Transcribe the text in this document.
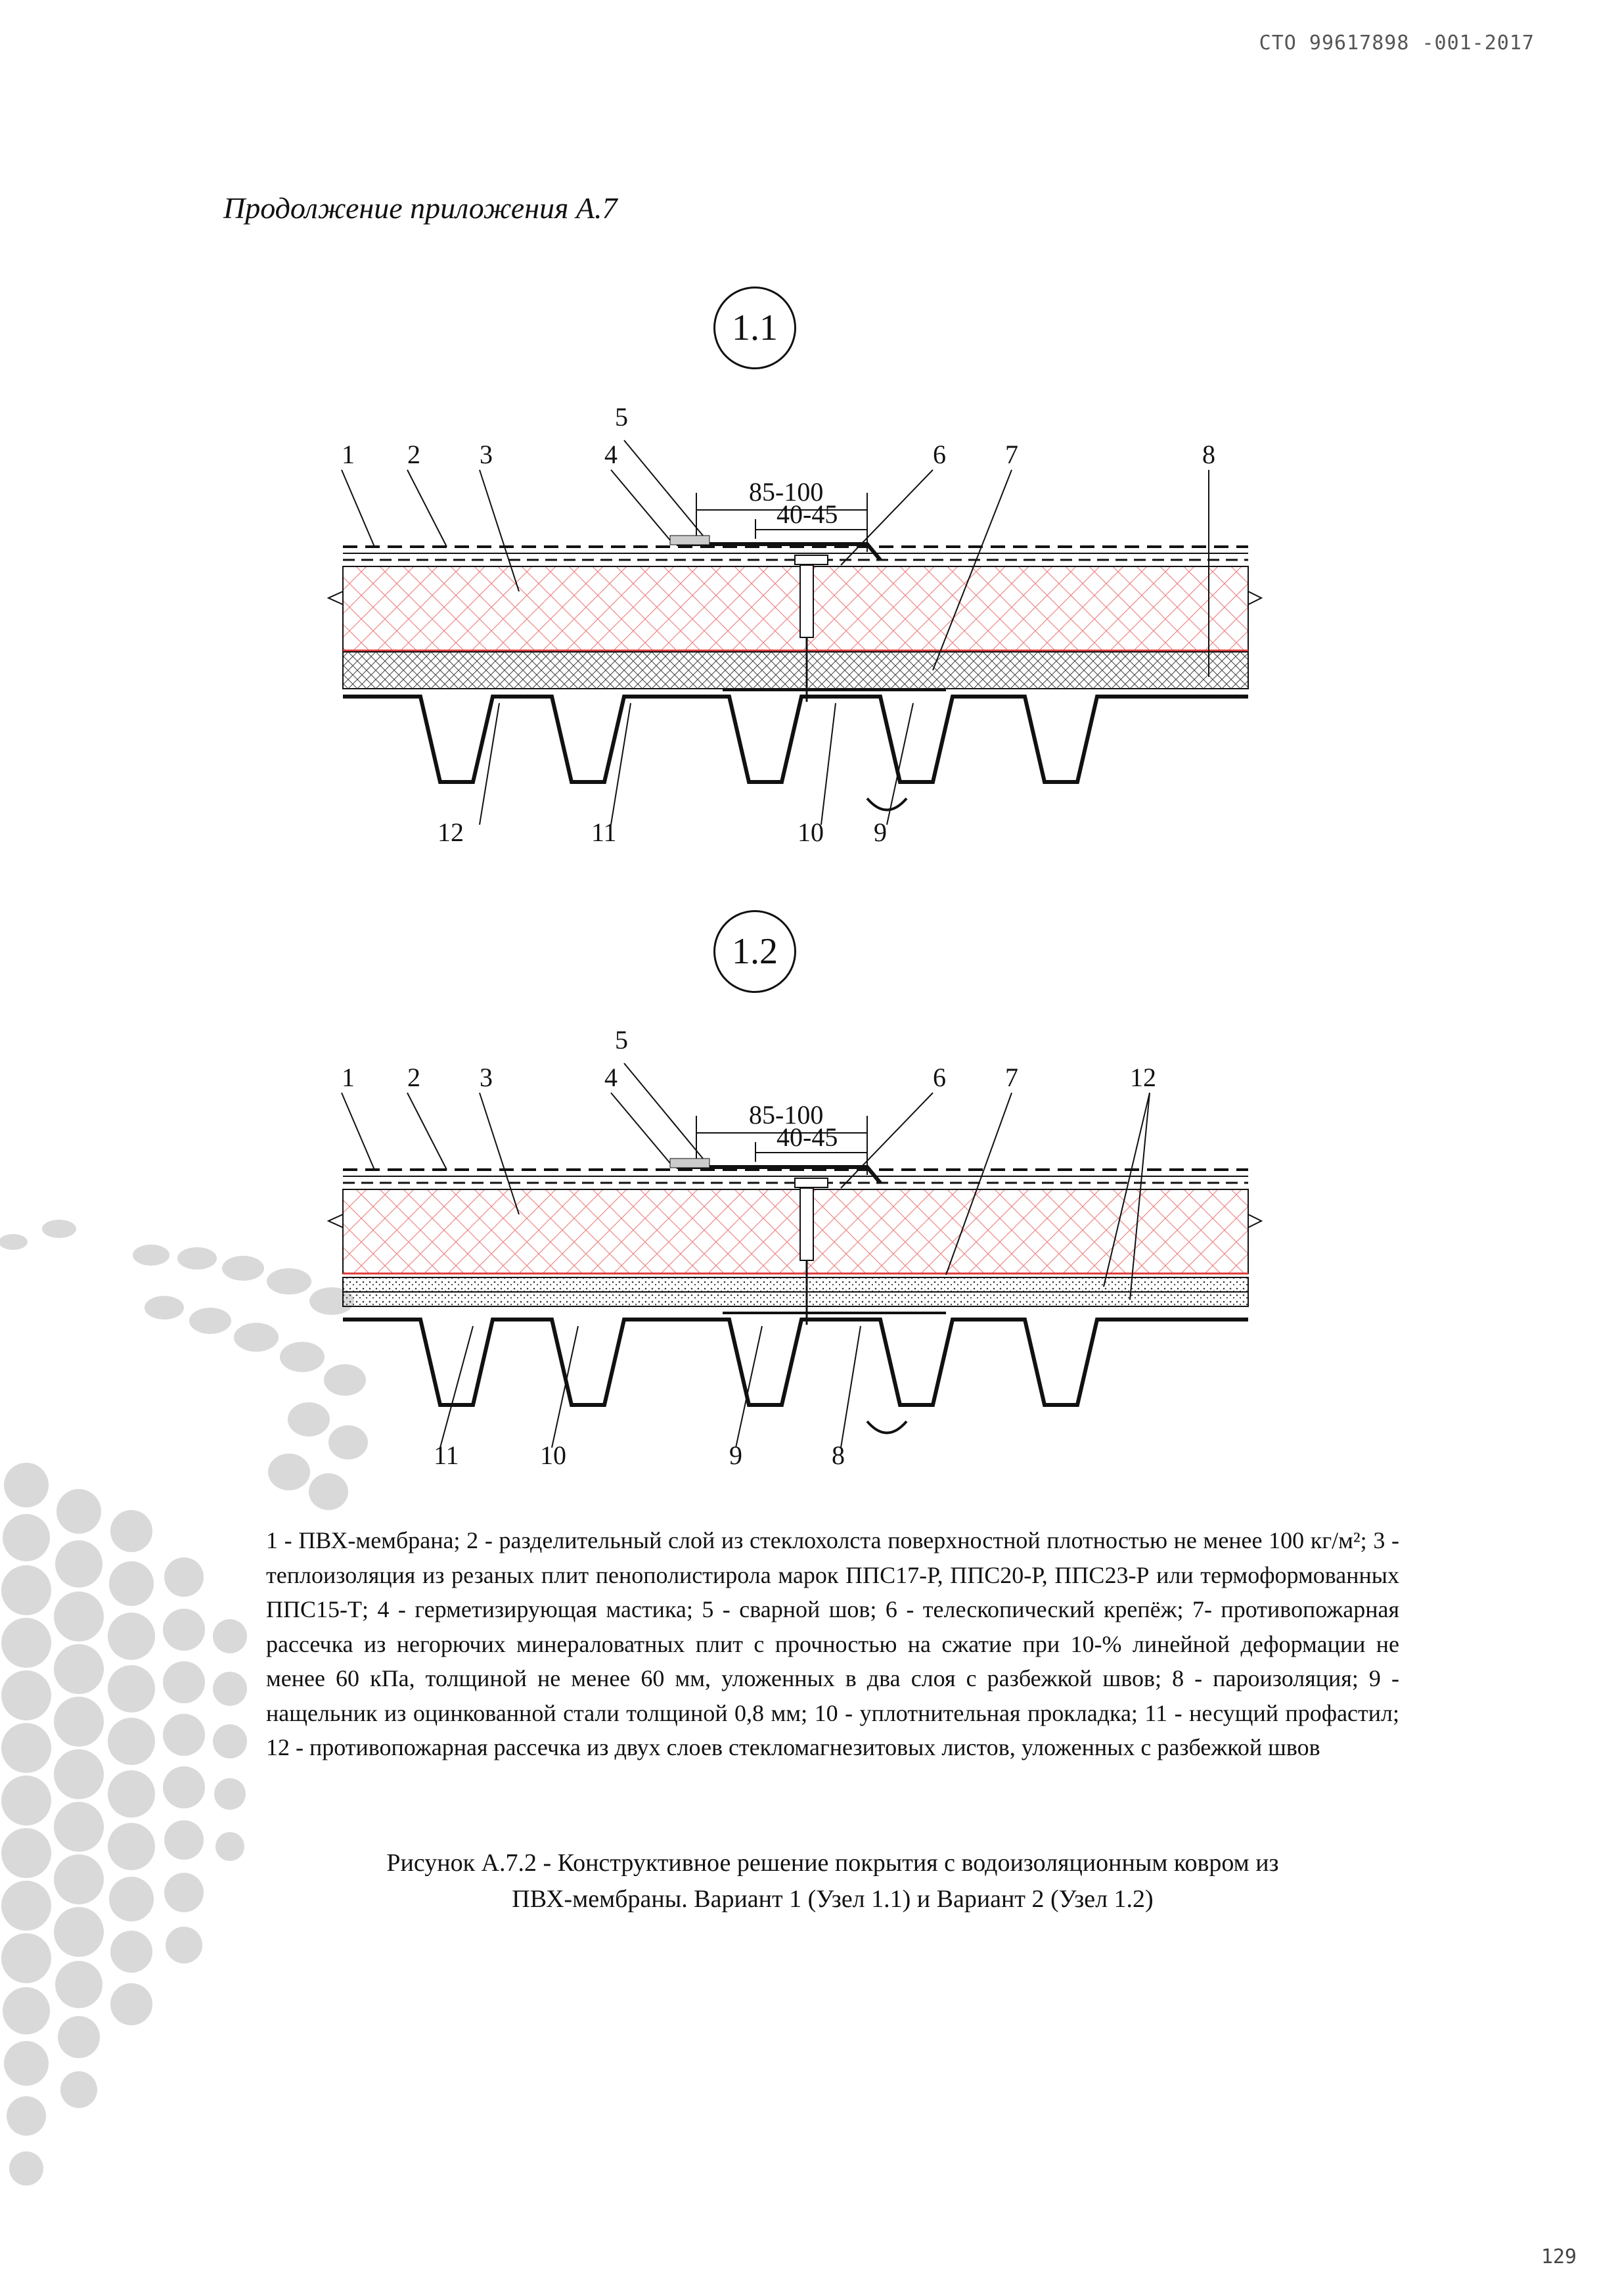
СТО 99617898 -001-2017
Продолжение приложения А.7
1.1
85-100
40-45
1 2 3	4
5
6 7	8
9
10
11
12
1.2
85-100
40-45
1 2 3	4
5
6 7	12
8
9
10
11
1 - ПВХ-мембрана; 2 - разделительный слой из стеклохолста поверхностной плотностью не менее 100 кг/м²; 3 - теплоизоляция из резаных плит пенополистирола марок ППС17-Р, ППС20-Р, ППС23-Р или термоформованных ППС15-Т; 4 - герметизирующая мастика; 5 - сварной шов; 6 - телескопический крепёж; 7- противопожарная рассечка из негорючих минераловатных плит с прочностью на сжатие при 10-% линейной деформации не менее 60 кПа, толщиной не менее 60 мм, уложенных в два слоя с разбежкой швов; 8 - пароизоляция; 9 - нащельник из оцинкованной стали толщиной 0,8 мм; 10 - уплотнительная прокладка; 11 - несущий профастил; 12 - противопожарная рассечка из двух слоев стекломагнезитовых листов, уложенных с разбежкой швов
Рисунок А.7.2 - Конструктивное решение покрытия с водоизоляционным ковром из
ПВХ-мембраны. Вариант 1 (Узел 1.1) и Вариант 2 (Узел 1.2)
129
